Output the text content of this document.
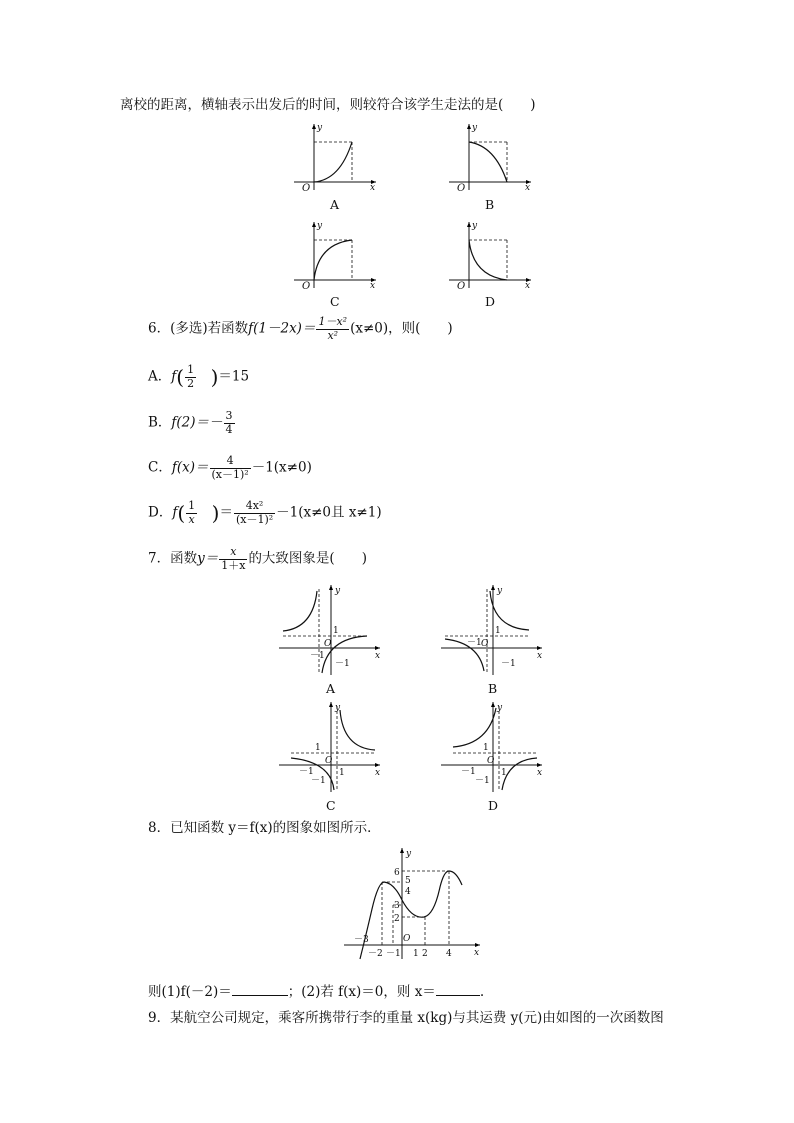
离校的距离，横轴表示出发后的时间，则较符合该学生走法的是(　　)
y
x
O
A
y
x
O
B
y
x
O
C
y
x
O
D
6．(多选)若函数$f(1-2x)= \frac{\text{1－x²}}{\text{x²}} (x\ne 0)$，则(　　)
A．$f( \frac{1}{2}$
  )＝15
B．$f(2)=- \frac{3}{4}$
C．$f(x)= \frac{4}{\text{(x－1)²}} -1(x\ne 0)$
D．$f( \frac{1}{x}$
  )＝ $\frac{\text{4x²}}{\text{(x－1)²}} -1(x\ne 0$且 x≠1)
7．函数$y= \frac{x}{1+x}$ 的大致图象是(　　)
y
x
O
1
－1
－1
A
y
x
O
1
－1
－1
B
y
x
O
1
－1
－1
1
C
y
x
O
1
－1
－1
1
D
8．已知函数 y＝f(x)的图象如图所示．
y
x
O
6
5
4
3
2
－3
－2 －1 1 2 4
则(1)f(－2)＝	；(2)若 f(x)＝0，则 x＝	.
9．某航空公司规定，乘客所携带行李的重量 x(kg)与其运费 y(元)由如图的一次函数图
